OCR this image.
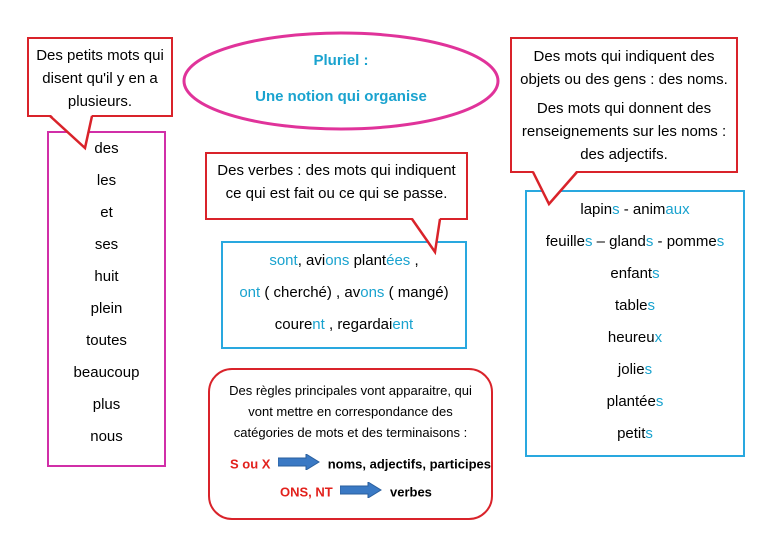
Pluriel :
Une notion qui organise
des
les
et
ses
huit
plein
toutes
beaucoup
plus
nous
Des petits mots qui disent qu'il y en a plusieurs.
sont, avions plantées ,
ont ( cherché) , avons ( mangé)
courent , regardaient
Des verbes : des mots qui indiquent ce qui est fait ou ce qui se passe.
lapins - animaux
feuilles – glands - pommes
enfants
tables
heureux
jolies
plantées
petits
Des mots qui indiquent des objets ou des gens : des noms.
Des mots qui donnent des renseignements sur les noms : des adjectifs.
Des règles principales vont apparaitre, qui vont mettre en correspondance des catégories de mots et des terminaisons :
S ou X	noms, adjectifs, participes
ONS, NT	verbes
